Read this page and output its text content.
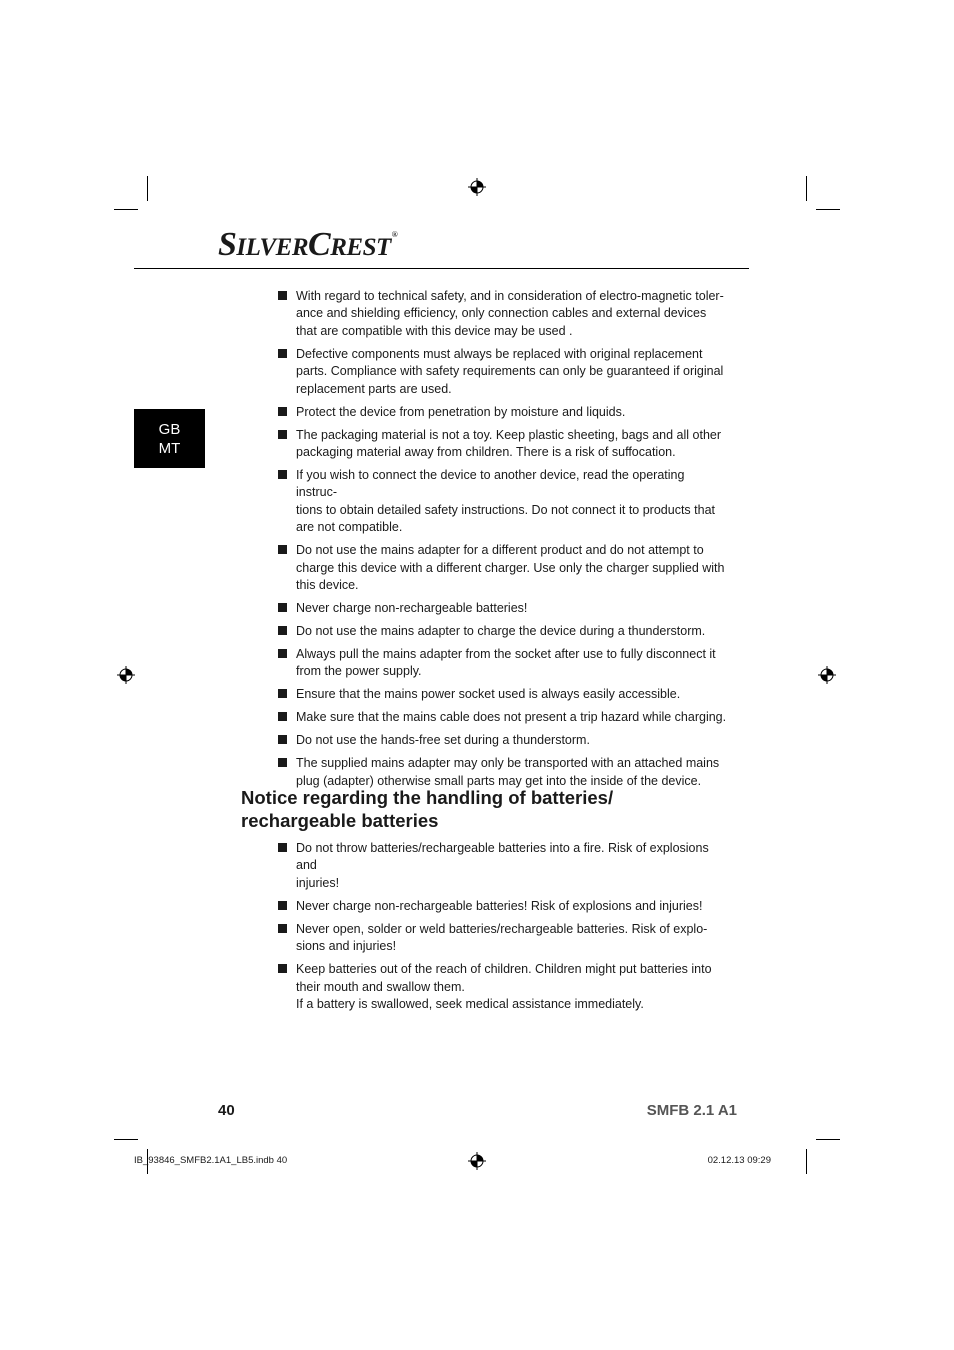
SILVERCREST®
GB
MT
With regard to technical safety, and in consideration of electro-magnetic toler-
ance and shielding efficiency, only connection cables and external devices
that are compatible with this device may be used .
Defective components must always be replaced with original replacement
parts. Compliance with safety requirements can only be guaranteed if original
replacement parts are used.
Protect the device from penetration by moisture and liquids.
The packaging material is not a toy. Keep plastic sheeting, bags and all other
packaging material away from children. There is a risk of suffocation.
If you wish to connect the device to another device, read the operating instruc-
tions to obtain detailed safety instructions. Do not connect it to products that
are not compatible.
Do not use the mains adapter for a different product and do not attempt to
charge this device with a different charger. Use only the charger supplied with
this device.
Never charge non-rechargeable batteries!
Do not use the mains adapter to charge the device during a thunderstorm.
Always pull the mains adapter from the socket after use to fully disconnect it
from the power supply.
Ensure that the mains power socket used is always easily accessible.
Make sure that the mains cable does not present a trip hazard while charging.
Do not use the hands-free set during a thunderstorm.
The supplied mains adapter may only be transported with an attached mains
plug (adapter) otherwise small parts may get into the inside of the device.
Notice regarding the handling of batteries/
rechargeable batteries
Do not throw batteries/rechargeable batteries into a fire. Risk of explosions and
injuries!
Never charge non-rechargeable batteries! Risk of explosions and injuries!
Never open, solder or weld batteries/rechargeable batteries. Risk of explo-
sions and injuries!
Keep batteries out of the reach of children. Children might put batteries into
their mouth and swallow them.
If a battery is swallowed, seek medical assistance immediately.
40	SMFB 2.1 A1
IB_93846_SMFB2.1A1_LB5.indb 40	02.12.13 09:29
